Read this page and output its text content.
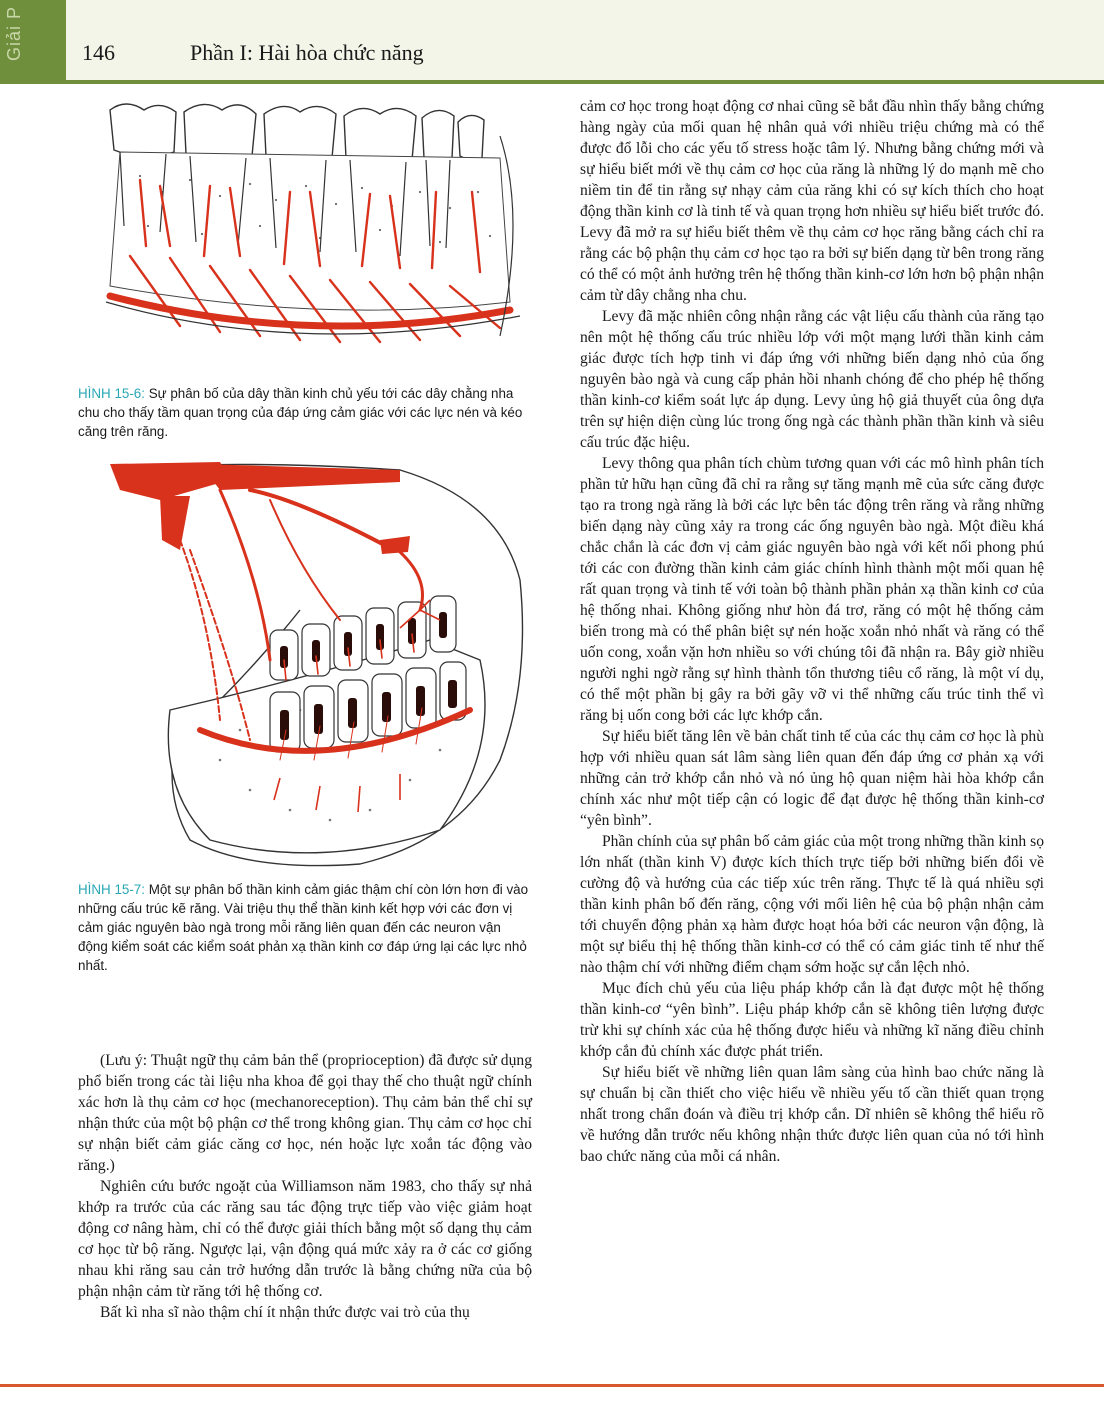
Giải P	146	Phần I: Hài hòa chức năng
HÌNH 15-6: Sự phân bố của dây thần kinh chủ yếu tới các dây chằng nha chu cho thấy tầm quan trọng của đáp ứng cảm giác với các lực nén và kéo căng trên răng.
HÌNH 15-7: Một sự phân bố thần kinh cảm giác thậm chí còn lớn hơn đi vào những cấu trúc kẽ răng. Vài triệu thụ thể thần kinh kết hợp với các đơn vị cảm giác nguyên bào ngà trong mỗi răng liên quan đến các neuron vận động kiểm soát các kiểm soát phản xạ thần kinh cơ đáp ứng lại các lực nhỏ nhất.

(Lưu ý: Thuật ngữ thụ cảm bản thể (proprioception) đã được sử dụng phổ biến trong các tài liệu nha khoa để gọi thay thế cho thuật ngữ chính xác hơn là thụ cảm cơ học (mechanoreception). Thụ cảm bản thể chỉ sự nhận thức của một bộ phận cơ thể trong không gian. Thụ cảm cơ học chỉ sự nhận biết cảm giác căng cơ học, nén hoặc lực xoắn tác động vào răng.)

Nghiên cứu bước ngoặt của Williamson năm 1983, cho thấy sự nhả khớp ra trước của các răng sau tác động trực tiếp vào việc giảm hoạt động cơ nâng hàm, chỉ có thể được giải thích bằng một số dạng thụ cảm cơ học từ bộ răng. Ngược lại, vận động quá mức xảy ra ở các cơ giống nhau khi răng sau cản trở hướng dẫn trước là bằng chứng nữa của bộ phận nhận cảm từ răng tới hệ thống cơ.

Bất kì nha sĩ nào thậm chí ít nhận thức được vai trò của thụ

cảm cơ học trong hoạt động cơ nhai cũng sẽ bắt đầu nhìn thấy bằng chứng hàng ngày của mối quan hệ nhân quả với nhiều triệu chứng mà có thể được đổ lỗi cho các yếu tố stress hoặc tâm lý. Nhưng bằng chứng mới và sự hiểu biết mới về thụ cảm cơ học của răng là những lý do mạnh mẽ cho niềm tin để tin rằng sự nhạy cảm của răng khi có sự kích thích cho hoạt động thần kinh cơ là tinh tế và quan trọng hơn nhiều sự hiểu biết trước đó. Levy đã mở ra sự hiểu biết thêm về thụ cảm cơ học răng bằng cách chỉ ra rằng các bộ phận thụ cảm cơ học tạo ra bởi sự biến dạng từ bên trong răng có thể có một ảnh hưởng trên hệ thống thần kinh-cơ lớn hơn bộ phận nhận cảm từ dây chằng nha chu.

Levy đã mặc nhiên công nhận rằng các vật liệu cấu thành của răng tạo nên một hệ thống cấu trúc nhiều lớp với một mạng lưới thần kinh cảm giác được tích hợp tinh vi đáp ứng với những biến dạng nhỏ của ống nguyên bào ngà và cung cấp phản hồi nhanh chóng để cho phép hệ thống thần kinh-cơ kiểm soát lực áp dụng. Levy ủng hộ giả thuyết của ông dựa trên sự hiện diện cùng lúc trong ống ngà các thành phần thần kinh và siêu cấu trúc đặc hiệu.

Levy thông qua phân tích chùm tương quan với các mô hình phân tích phần tử hữu hạn cũng đã chỉ ra rằng sự tăng mạnh mẽ của sức căng được tạo ra trong ngà răng là bởi các lực bên tác động trên răng và rằng những biến dạng này cũng xảy ra trong các ống nguyên bào ngà. Một điều khá chắc chắn là các đơn vị cảm giác nguyên bào ngà với kết nối phong phú tới các con đường thần kinh cảm giác chính hình thành một mối quan hệ rất quan trọng và tinh tế với toàn bộ thành phần phản xạ thần kinh cơ của hệ thống nhai. Không giống như hòn đá trơ, răng có một hệ thống cảm biến trong mà có thể phân biệt sự nén hoặc xoắn nhỏ nhất và răng có thể uốn cong, xoắn vặn hơn nhiều so với chúng tôi đã nhận ra. Bây giờ nhiều người nghi ngờ rằng sự hình thành tổn thương tiêu cổ răng, là một ví dụ, có thể một phần bị gây ra bởi gãy vỡ vi thể những cấu trúc tinh thể vì răng bị uốn cong bởi các lực khớp cắn.

Sự hiểu biết tăng lên về bản chất tinh tế của các thụ cảm cơ học là phù hợp với nhiều quan sát lâm sàng liên quan đến đáp ứng cơ phản xạ với những cản trở khớp cắn nhỏ và nó ủng hộ quan niệm hài hòa khớp cắn chính xác như một tiếp cận có logic để đạt được hệ thống thần kinh-cơ “yên bình”.

Phần chính của sự phân bố cảm giác của một trong những thần kinh sọ lớn nhất (thần kinh V) được kích thích trực tiếp bởi những biến đổi về cường độ và hướng của các tiếp xúc trên răng. Thực tế là quá nhiều sợi thần kinh phân bố đến răng, cộng với mối liên hệ của bộ phận nhận cảm tới chuyển động phản xạ hàm được hoạt hóa bởi các neuron vận động, là một sự biểu thị hệ thống thần kinh-cơ có thể có cảm giác tinh tế như thế nào thậm chí với những điểm chạm sớm hoặc sự cắn lệch nhỏ.

Mục đích chủ yếu của liệu pháp khớp cắn là đạt được một hệ thống thần kinh-cơ “yên bình”. Liệu pháp khớp cắn sẽ không tiên lượng được trừ khi sự chính xác của hệ thống được hiểu và những kĩ năng điều chỉnh khớp cắn đủ chính xác được phát triển.

Sự hiểu biết về những liên quan lâm sàng của hình bao chức năng là sự chuẩn bị cần thiết cho việc hiểu về nhiều yếu tố cần thiết quan trọng nhất trong chẩn đoán và điều trị khớp cắn. Dĩ nhiên sẽ không thể hiểu rõ về hướng dẫn trước nếu không nhận thức được liên quan của nó tới hình bao chức năng của mỗi cá nhân.
